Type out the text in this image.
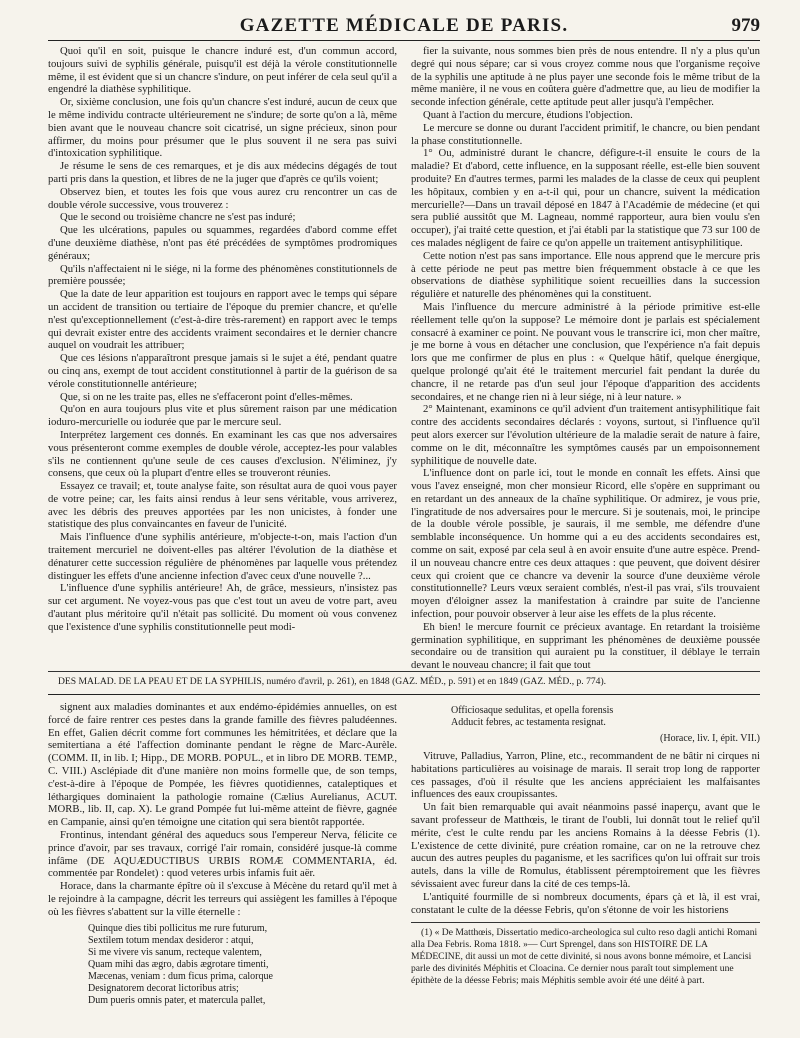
GAZETTE MÉDICALE DE PARIS.	979

Quoi qu'il en soit, puisque le chancre induré est, d'un commun accord, toujours suivi de syphilis générale, puisqu'il est déjà la vérole constitutionnelle même, il est évident que si un chancre s'indure, on peut inférer de cela seul qu'il a engendré la diathèse syphilitique.

Or, sixième conclusion, une fois qu'un chancre s'est induré, aucun de ceux que le même individu contracte ultérieurement ne s'indure; de sorte qu'on a là, même bien avant que le nouveau chancre soit cicatrisé, un signe précieux, sinon pour affirmer, du moins pour présumer que le plus souvent il ne sera pas suivi d'intoxication syphilitique.

Je résume le sens de ces remarques, et je dis aux médecins dégagés de tout parti pris dans la question, et libres de ne la juger que d'après ce qu'ils voient;

Observez bien, et toutes les fois que vous aurez cru rencontrer un cas de double vérole successive, vous trouverez :

Que le second ou troisième chancre ne s'est pas induré;

Que les ulcérations, papules ou squammes, regardées d'abord comme effet d'une deuxième diathèse, n'ont pas été précédées de symptômes prodromiques généraux;

Qu'ils n'affectaient ni le siége, ni la forme des phénomènes constitutionnels de première poussée;

Que la date de leur apparition est toujours en rapport avec le temps qui sépare un accident de transition ou tertiaire de l'époque du premier chancre, et qu'elle n'est qu'exceptionnellement (c'est-à-dire très-rarement) en rapport avec le temps qui devrait exister entre des accidents vraiment secondaires et le dernier chancre auquel on voudrait les attribuer;

Que ces lésions n'apparaîtront presque jamais si le sujet a été, pendant quatre ou cinq ans, exempt de tout accident constitutionnel à partir de la guérison de sa vérole constitutionnelle antérieure;

Que, si on ne les traite pas, elles ne s'effaceront point d'elles-mêmes.

Qu'on en aura toujours plus vite et plus sûrement raison par une médication ioduro-mercurielle ou iodurée que par le mercure seul.

Interprétez largement ces donnés. En examinant les cas que nos adversaires vous présenteront comme exemples de double vérole, acceptez-les pour valables s'ils ne contiennent qu'une seule de ces causes d'exclusion. N'éliminez, j'y consens, que ceux où la plupart d'entre elles se trouveront réunies.

Essayez ce travail; et, toute analyse faite, son résultat aura de quoi vous payer de votre peine; car, les faits ainsi rendus à leur sens véritable, vous arriverez, avec les débris des preuves apportées par les non unicistes, à fonder une statistique des plus convaincantes en faveur de l'unicité.

Mais l'influence d'une syphilis antérieure, m'objecte-t-on, mais l'action d'un traitement mercuriel ne doivent-elles pas altérer l'évolution de la diathèse et dénaturer cette succession régulière de phénomènes par laquelle vous prétendez distinguer les effets d'une ancienne infection d'avec ceux d'une nouvelle ?...

L'influence d'une syphilis antérieure! Ah, de grâce, messieurs, n'insistez pas sur cet argument. Ne voyez-vous pas que c'est tout un aveu de votre part, aveu d'autant plus méritoire qu'il n'était pas sollicité. Du moment où vous convenez que l'existence d'une syphilis constitutionnelle peut modi-

fier la suivante, nous sommes bien près de nous entendre. Il n'y a plus qu'un degré qui nous sépare; car si vous croyez comme nous que l'organisme reçoive de la syphilis une aptitude à ne plus payer une seconde fois le même tribut de la même manière, il ne vous en coûtera guère d'admettre que, au lieu de modifier la seconde infection générale, cette aptitude peut aller jusqu'à l'empêcher.

Quant à l'action du mercure, étudions l'objection.

Le mercure se donne ou durant l'accident primitif, le chancre, ou bien pendant la phase constitutionnelle.

1° Ou, administré durant le chancre, défigure-t-il ensuite le cours de la maladie? Et d'abord, cette influence, en la supposant réelle, est-elle bien souvent produite? En d'autres termes, parmi les malades de la classe de ceux qui peuplent les hôpitaux, combien y en a-t-il qui, pour un chancre, suivent la médication mercurielle?—Dans un travail déposé en 1847 à l'Académie de médecine (et qui sera publié aussitôt que M. Lagneau, nommé rapporteur, aura bien voulu s'en occuper), j'ai traité cette question, et j'ai établi par la statistique que 73 sur 100 de ces malades négligent de faire ce qu'on appelle un traitement antisyphilitique.

Cette notion n'est pas sans importance. Elle nous apprend que le mercure pris à cette période ne peut pas mettre bien fréquemment obstacle à ce que les observations de diathèse syphilitique soient recueillies dans la succession régulière et naturelle des phénomènes qui la constituent.

Mais l'influence du mercure administré à la période primitive est-elle réellement telle qu'on la suppose? Le mémoire dont je parlais est spécialement consacré à examiner ce point. Ne pouvant vous le transcrire ici, mon cher maître, je me borne à vous en détacher une conclusion, que l'expérience n'a fait depuis lors que me confirmer de plus en plus : « Quelque hâtif, quelque énergique, quelque prolongé qu'ait été le traitement mercuriel fait pendant la durée du chancre, il ne retarde pas d'un seul jour l'époque d'apparition des accidents secondaires, et ne change rien ni à leur siége, ni à leur nature. »

2° Maintenant, examinons ce qu'il advient d'un traitement antisyphilitique fait contre des accidents secondaires déclarés : voyons, surtout, si l'influence qu'il peut alors exercer sur l'évolution ultérieure de la maladie serait de nature à faire, comme on le dit, méconnaître les symptômes causés par un empoisonnement syphilitique de nouvelle date.

L'influence dont on parle ici, tout le monde en connaît les effets. Ainsi que vous l'avez enseigné, mon cher monsieur Ricord, elle s'opère en supprimant ou en retardant un des anneaux de la chaîne syphilitique. Or admirez, je vous prie, l'ingratitude de nos adversaires pour le mercure. Si je soutenais, moi, le principe de la double vérole possible, je saurais, il me semble, me défendre d'une semblable inconséquence. Un homme qui a eu des accidents secondaires est, comme on sait, exposé par cela seul à en avoir ensuite d'une autre espèce. Prend-il un nouveau chancre entre ces deux attaques : que peuvent, que doivent désirer ceux qui croient que ce chancre va devenir la source d'une deuxième vérole constitutionnelle? Leurs vœux seraient comblés, n'est-il pas vrai, s'ils trouvaient moyen d'éloigner assez la manifestation à craindre par suite de l'ancienne infection, pour pouvoir observer à leur aise les effets de la plus récente.

Eh bien! le mercure fournit ce précieux avantage. En retardant la troisième germination syphilitique, en supprimant les phénomènes de deuxième poussée secondaire ou de transition qui auraient pu la constituer, il déblaye le terrain devant le nouveau chancre; il fait que tout

DES MALAD. DE LA PEAU ET DE LA SYPHILIS, numéro d'avril, p. 261), en 1848 (GAZ. MÉD., p. 591) et en 1849 (GAZ. MÉD., p. 774).

signent aux maladies dominantes et aux endémo-épidémies annuelles, on est forcé de faire rentrer ces pestes dans la grande famille des fièvres paludéennes. En effet, Galien décrit comme fort communes les hémitritées, et déclare que la semitertiana a été l'affection dominante pendant le règne de Marc-Aurèle. (COMM. II, in lib. I; Hipp., DE MORB. POPUL., et in libro DE MORB. TEMP., C. VIII.) Asclépiade dit d'une manière non moins formelle que, de son temps, c'est-à-dire à l'époque de Pompée, les fièvres quotidiennes, cataleptiques et léthargiques dominaient la pathologie romaine (Cælius Aurelianus, ACUT. MORB., lib. II, cap. X). Le grand Pompée fut lui-même atteint de fièvre, gagnée en Campanie, ainsi qu'en témoigne une citation qui sera bientôt rapportée.

Frontinus, intendant général des aqueducs sous l'empereur Nerva, félicite ce prince d'avoir, par ses travaux, corrigé l'air romain, considéré jusque-là comme infâme (DE AQUÆDUCTIBUS URBIS ROMÆ COMMENTARIA, éd. commentée par Rondelet) : quod veteres urbis infamis fuit aër.

Horace, dans la charmante épître où il s'excuse à Mécène du retard qu'il met à le rejoindre à la campagne, décrit les terreurs qui assiègent les familles à l'époque où les fièvres s'abattent sur la ville éternelle :

Quinque dies tibi pollicitus me rure futurum,
Sextilem totum mendax desideror : atqui,
Si me vivere vis sanum, recteque valentem,
Quam mihi das ægro, dabis ægrotare timenti,
Mæcenas, veniam : dum ficus prima, calorque
Designatorem decorat lictoribus atris;
Dum pueris omnis pater, et matercula pallet,
Officiosaque sedulitas, et opella forensis
Adducit febres, ac testamenta resignat.
(Horace, liv. I, épit. VII.)

Vitruve, Palladius, Yarron, Pline, etc., recommandent de ne bâtir ni cirques ni habitations particulières au voisinage de marais. Il serait trop long de rapporter ces passages, d'où il résulte que les anciens appréciaient les malfaisantes influences des eaux croupissantes.

Un fait bien remarquable qui avait néanmoins passé inaperçu, avant que le savant professeur de Matthœis, le tirant de l'oubli, lui donnât tout le relief qu'il mérite, c'est le culte rendu par les anciens Romains à la déesse Febris (1). L'existence de cette divinité, pure création romaine, car on ne la retrouve chez aucun des autres peuples du paganisme, et les sacrifices qu'on lui offrait sur trois autels, dans la ville de Romulus, établissent péremptoirement que les fièvres sévissaient avec fureur dans la cité de ces temps-là.

L'antiquité fourmille de si nombreux documents, épars çà et là, il est vrai, constatant le culte de la déesse Febris, qu'on s'étonne de voir les historiens

(1) « De Matthœis, Dissertatio medico-archeologica sul culto reso dagli antichi Romani alla Dea Febris. Roma 1818. »— Curt Sprengel, dans son HISTOIRE DE LA MÉDECINE, dit aussi un mot de cette divinité, si nous avons bonne mémoire, et Lancisi parle des divinités Méphitis et Cloacina. Ce dernier nous paraît tout simplement une épithète de la déesse Febris; mais Méphitis semble avoir été une déité à part.
